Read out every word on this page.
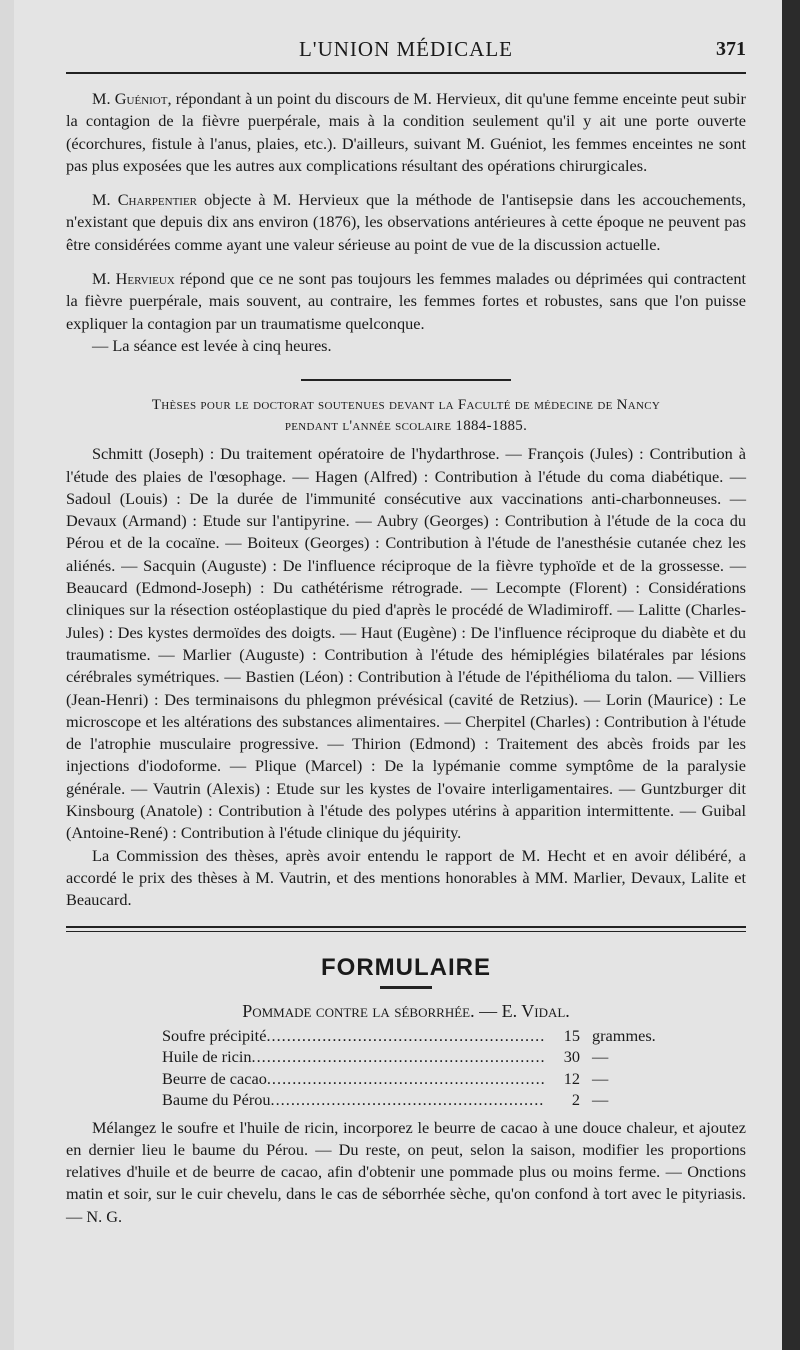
L'UNION MÉDICALE	371

M. Guéniot, répondant à un point du discours de M. Hervieux, dit qu'une femme enceinte peut subir la contagion de la fièvre puerpérale, mais à la condition seulement qu'il y ait une porte ouverte (écorchures, fistule à l'anus, plaies, etc.). D'ailleurs, suivant M. Guéniot, les femmes enceintes ne sont pas plus exposées que les autres aux complications résultant des opérations chirurgicales.

M. Charpentier objecte à M. Hervieux que la méthode de l'antisepsie dans les accouchements, n'existant que depuis dix ans environ (1876), les observations antérieures à cette époque ne peuvent pas être considérées comme ayant une valeur sérieuse au point de vue de la discussion actuelle.

M. Hervieux répond que ce ne sont pas toujours les femmes malades ou déprimées qui contractent la fièvre puerpérale, mais souvent, au contraire, les femmes fortes et robustes, sans que l'on puisse expliquer la contagion par un traumatisme quelconque.

— La séance est levée à cinq heures.

Thèses pour le doctorat soutenues devant la Faculté de médecine de Nancy
pendant l'année scolaire 1884-1885.

Schmitt (Joseph) : Du traitement opératoire de l'hydarthrose. — François (Jules) : Contribution à l'étude des plaies de l'œsophage. — Hagen (Alfred) : Contribution à l'étude du coma diabétique. — Sadoul (Louis) : De la durée de l'immunité consécutive aux vaccinations anti-charbonneuses. — Devaux (Armand) : Etude sur l'antipyrine. — Aubry (Georges) : Contribution à l'étude de la coca du Pérou et de la cocaïne. — Boiteux (Georges) : Contribution à l'étude de l'anesthésie cutanée chez les aliénés. — Sacquin (Auguste) : De l'influence réciproque de la fièvre typhoïde et de la grossesse. — Beaucard (Edmond-Joseph) : Du cathétérisme rétrograde. — Lecompte (Florent) : Considérations cliniques sur la résection ostéoplastique du pied d'après le procédé de Wladimiroff. — Lalitte (Charles-Jules) : Des kystes dermoïdes des doigts. — Haut (Eugène) : De l'influence réciproque du diabète et du traumatisme. — Marlier (Auguste) : Contribution à l'étude des hémiplégies bilatérales par lésions cérébrales symétriques. — Bastien (Léon) : Contribution à l'étude de l'épithélioma du talon. — Villiers (Jean-Henri) : Des terminaisons du phlegmon prévésical (cavité de Retzius). — Lorin (Maurice) : Le microscope et les altérations des substances alimentaires. — Cherpitel (Charles) : Contribution à l'étude de l'atrophie musculaire progressive. — Thirion (Edmond) : Traitement des abcès froids par les injections d'iodoforme. — Plique (Marcel) : De la lypémanie comme symptôme de la paralysie générale. — Vautrin (Alexis) : Etude sur les kystes de l'ovaire interligamentaires. — Guntzburger dit Kinsbourg (Anatole) : Contribution à l'étude des polypes utérins à apparition intermittente. — Guibal (Antoine-René) : Contribution à l'étude clinique du jéquirity.

La Commission des thèses, après avoir entendu le rapport de M. Hecht et en avoir délibéré, a accordé le prix des thèses à M. Vautrin, et des mentions honorables à MM. Marlier, Devaux, Lalite et Beaucard.

FORMULAIRE
Pommade contre la séborrhée. — E. Vidal.
Soufre précipité .....	15 grammes.
Huile de ricin .....	30 —
Beurre de cacao .....	12 —
Baume du Pérou .....	2 —

Mélangez le soufre et l'huile de ricin, incorporez le beurre de cacao à une douce chaleur, et ajoutez en dernier lieu le baume du Pérou. — Du reste, on peut, selon la saison, modifier les proportions relatives d'huile et de beurre de cacao, afin d'obtenir une pommade plus ou moins ferme. — Onctions matin et soir, sur le cuir chevelu, dans le cas de séborrhée sèche, qu'on confond à tort avec le pityriasis. — N. G.
